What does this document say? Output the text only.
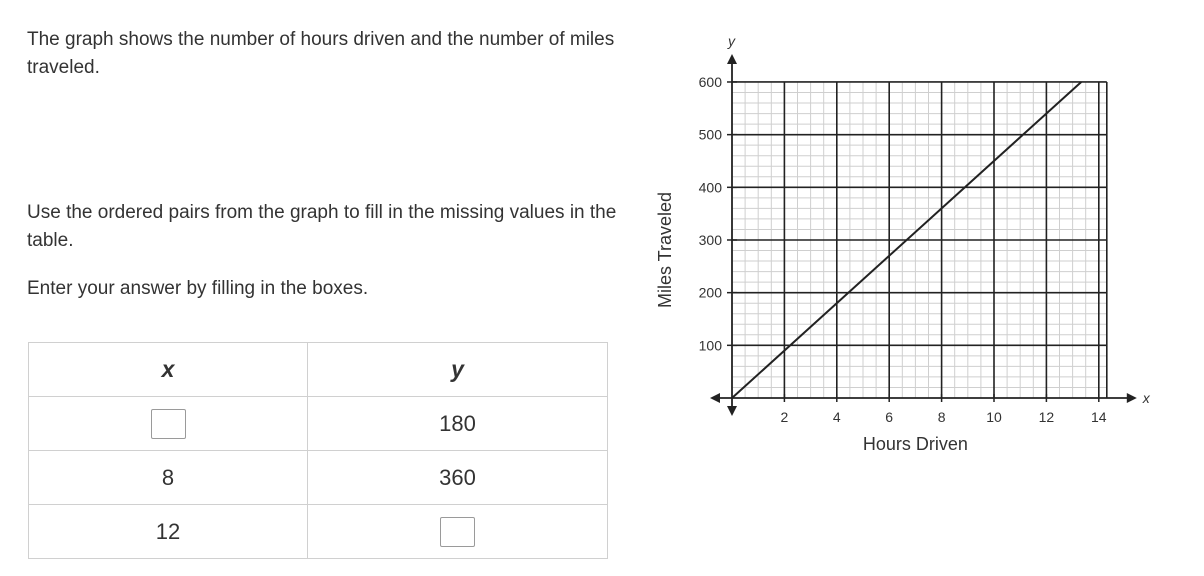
The graph shows the number of hours driven and the number of miles traveled.

Use the ordered pairs from the graph to fill in the missing values in the table.

Enter your answer by filling in the boxes.

x	y
	180
8	360
12	
2	4	6	8	10	12	14
100
200
300
400
500
600
y
x
Hours Driven
Miles Traveled
